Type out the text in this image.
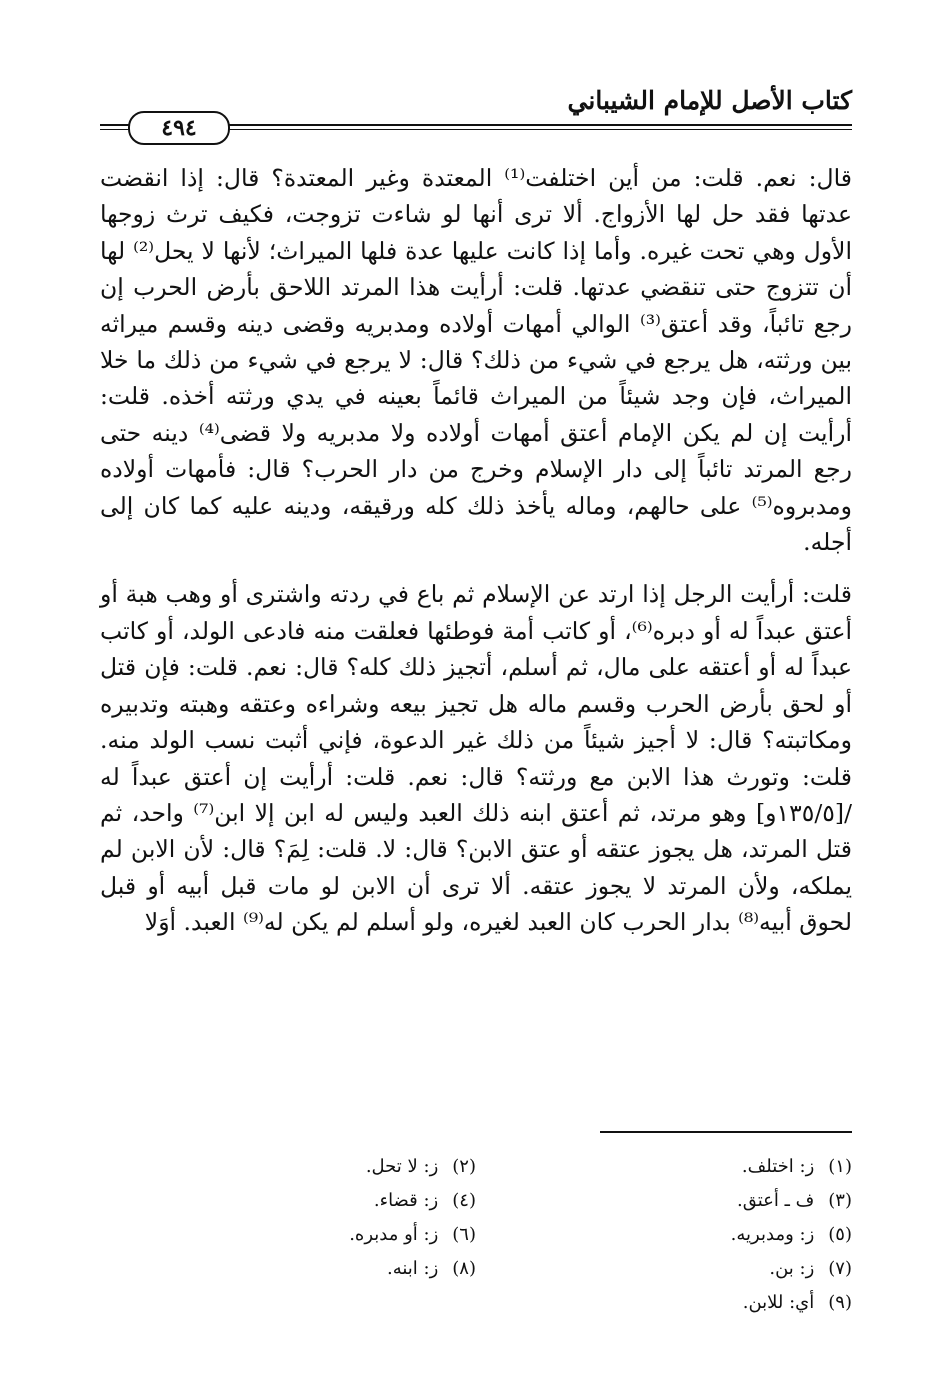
كتاب الأصل للإمام الشيباني
٤٩٤

قال: نعم. قلت: من أين اختلفت⁽¹⁾ المعتدة وغير المعتدة؟ قال: إذا انقضت عدتها فقد حل لها الأزواج. ألا ترى أنها لو شاءت تزوجت، فكيف ترث زوجها الأول وهي تحت غيره. وأما إذا كانت عليها عدة فلها الميراث؛ لأنها لا يحل⁽²⁾ لها أن تتزوج حتى تنقضي عدتها. قلت: أرأيت هذا المرتد اللاحق بأرض الحرب إن رجع تائباً، وقد أعتق⁽³⁾ الوالي أمهات أولاده ومدبريه وقضى دينه وقسم ميراثه بين ورثته، هل يرجع في شيء من ذلك؟ قال: لا يرجع في شيء من ذلك ما خلا الميراث، فإن وجد شيئاً من الميراث قائماً بعينه في يدي ورثته أخذه. قلت: أرأيت إن لم يكن الإمام أعتق أمهات أولاده ولا مدبريه ولا قضى⁽⁴⁾ دينه حتى رجع المرتد تائباً إلى دار الإسلام وخرج من دار الحرب؟ قال: فأمهات أولاده ومدبروه⁽⁵⁾ على حالهم، وماله يأخذ ذلك كله ورقيقه، ودينه عليه كما كان إلى أجله.

قلت: أرأيت الرجل إذا ارتد عن الإسلام ثم باع في ردته واشترى أو وهب هبة أو أعتق عبداً له أو دبره⁽⁶⁾، أو كاتب أمة فوطئها فعلقت منه فادعى الولد، أو كاتب عبداً له أو أعتقه على مال، ثم أسلم، أتجيز ذلك كله؟ قال: نعم. قلت: فإن قتل أو لحق بأرض الحرب وقسم ماله هل تجيز بيعه وشراءه وعتقه وهبته وتدبيره ومكاتبته؟ قال: لا أجيز شيئاً من ذلك غير الدعوة، فإني أثبت نسب الولد منه. قلت: وتورث هذا الابن مع ورثته؟ قال: نعم. قلت: أرأيت إن أعتق عبداً له /[١٣٥/٥و] وهو مرتد، ثم أعتق ابنه ذلك العبد وليس له ابن إلا ابن⁽⁷⁾ واحد، ثم قتل المرتد، هل يجوز عتقه أو عتق الابن؟ قال: لا. قلت: لِمَ؟ قال: لأن الابن لم يملكه، ولأن المرتد لا يجوز عتقه. ألا ترى أن الابن لو مات قبل أبيه أو قبل لحوق أبيه⁽⁸⁾ بدار الحرب كان العبد لغيره، ولو أسلم لم يكن له⁽⁹⁾ العبد. أوَلا

(١)ز: اختلف.
(٢)ز: لا تحل.
(٣)ف ـ أعتق.
(٤)ز: قضاء.
(٥)ز: ومدبريه.
(٦)ز: أو مدبره.
(٧)ز: بن.
(٨)ز: ابنه.
(٩)أي: للابن.
